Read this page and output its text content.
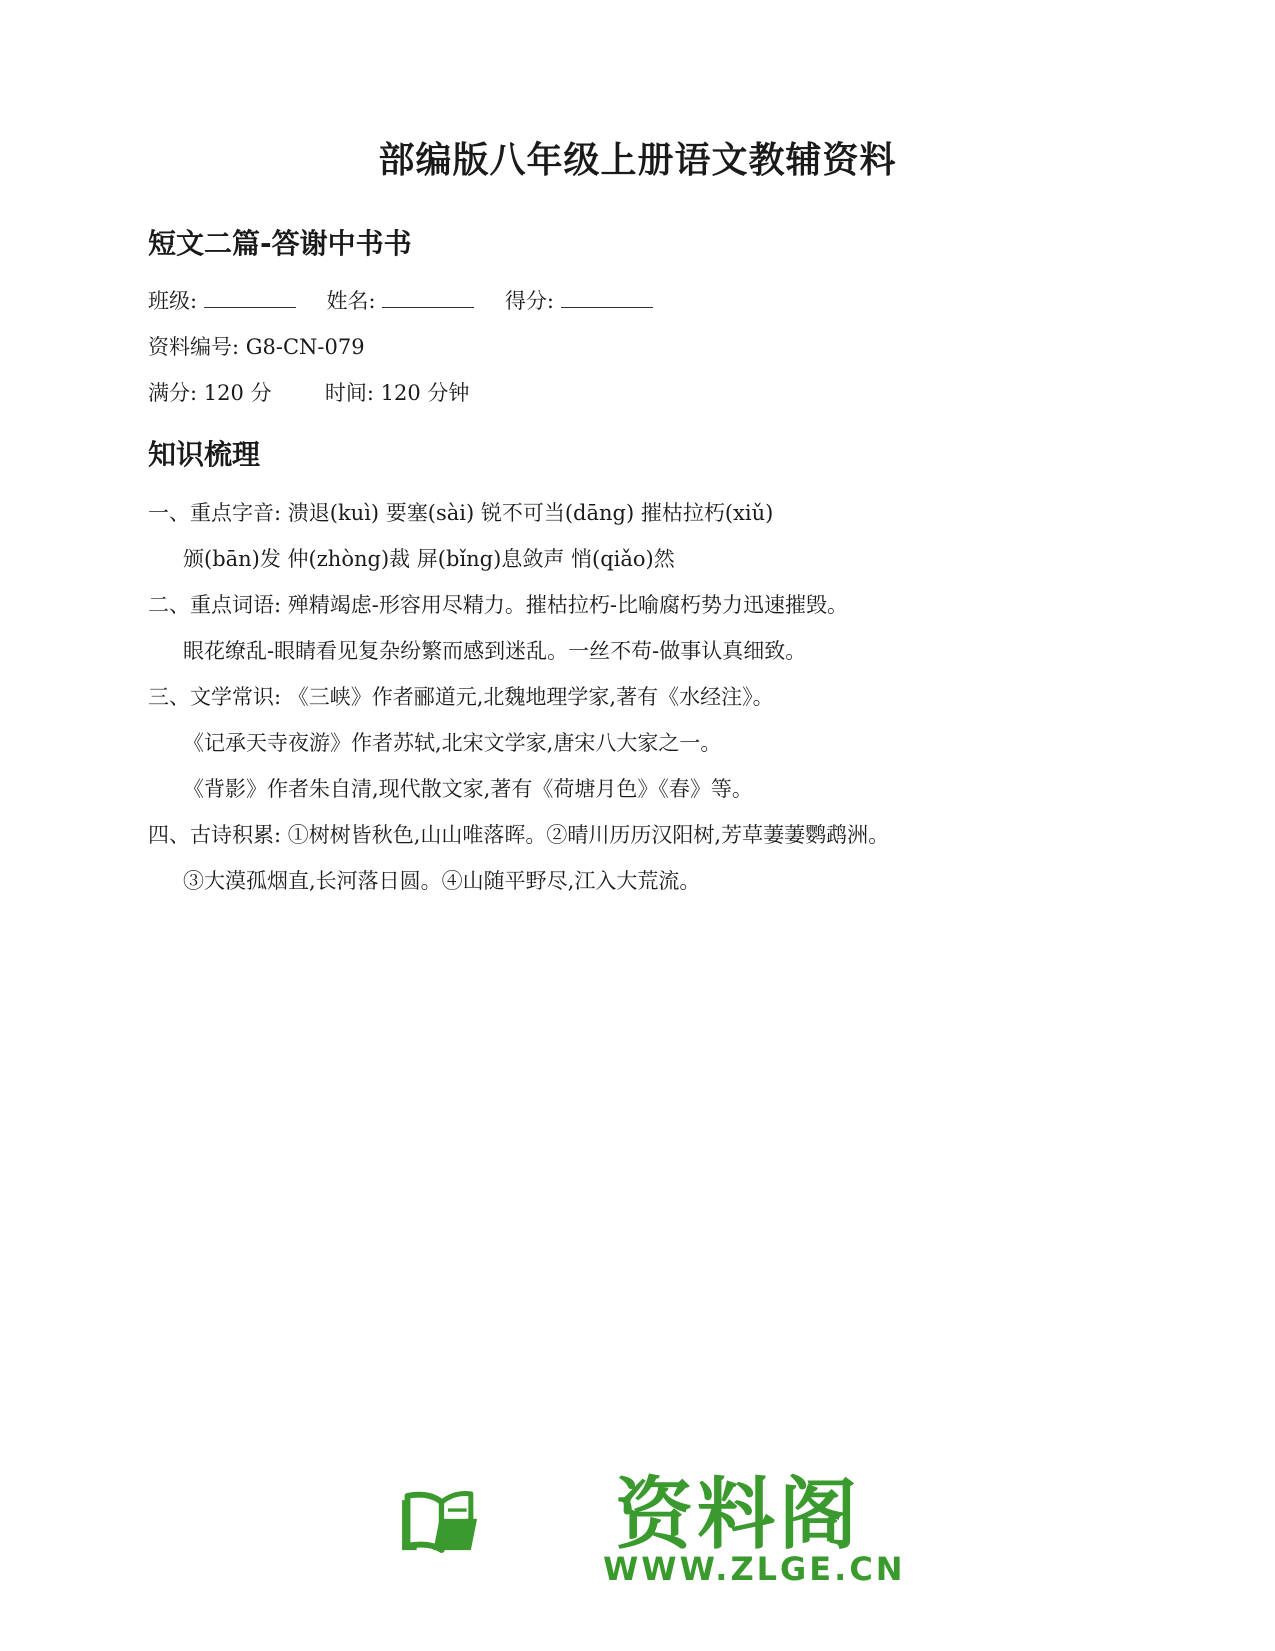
部编版八年级上册语文教辅资料
短文二篇-答谢中书书
班级:	姓名:	得分:
资料编号: G8-CN-079
满分: 120 分	时间: 120 分钟
知识梳理
一、重点字音: 溃退(kuì) 要塞(sài) 锐不可当(dāng) 摧枯拉朽(xiǔ)
颁(bān)发 仲(zhòng)裁 屏(bǐng)息敛声 悄(qiǎo)然
二、重点词语: 殚精竭虑-形容用尽精力。摧枯拉朽-比喻腐朽势力迅速摧毁。
眼花缭乱-眼睛看见复杂纷繁而感到迷乱。一丝不苟-做事认真细致。
三、文学常识: 《三峡》作者郦道元,北魏地理学家,著有《水经注》。
《记承天寺夜游》作者苏轼,北宋文学家,唐宋八大家之一。
《背影》作者朱自清,现代散文家,著有《荷塘月色》《春》等。
四、古诗积累: ①树树皆秋色,山山唯落晖。②晴川历历汉阳树,芳草萋萋鹦鹉洲。
③大漠孤烟直,长河落日圆。④山随平野尽,江入大荒流。
资料阁
WWW.ZLGE.CN
